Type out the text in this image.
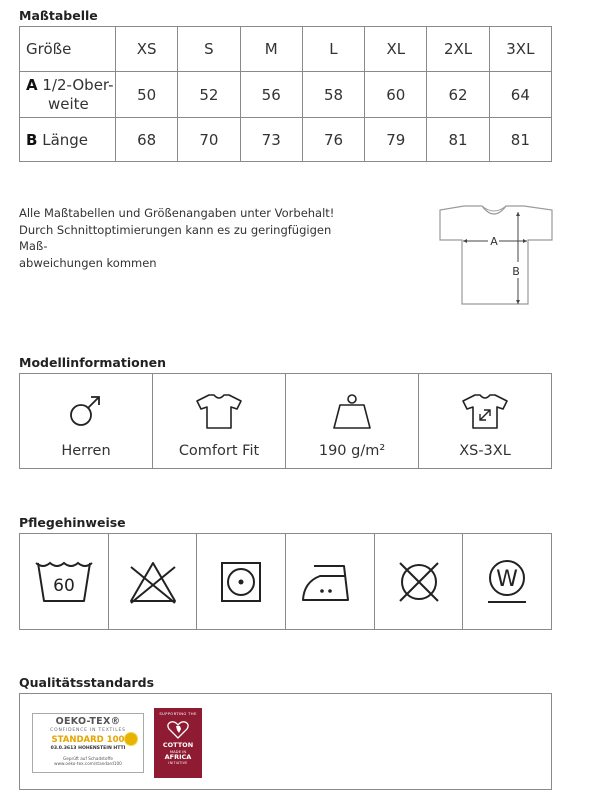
Maßtabelle
Größe	XS	S	M	L	XL	2XL	3XL
A 1/2-Ober-
weite	50	52	56	58	60	62	64
B Länge	68	70	73	76	79	81	81
Alle Maßtabellen und Größenangaben unter Vorbehalt!
Durch Schnittoptimierungen kann es zu geringfügigen Maß-
abweichungen kommen
A
B
Modellinformationen
Herren	Comfort Fit	190 g/m²	XS-3XL
Pflegehinweise
60	W
Qualitätsstandards
OEKO-TEX®
CONFIDENCE IN TEXTILES
STANDARD 100
03.0.3613 HOHENSTEIN HTTI
Geprüft auf Schadstoffe
www.oeko-tex.com/standard100
SUPPORTING THE
COTTON
MADE IN
AFRICA
INITIATIVE
